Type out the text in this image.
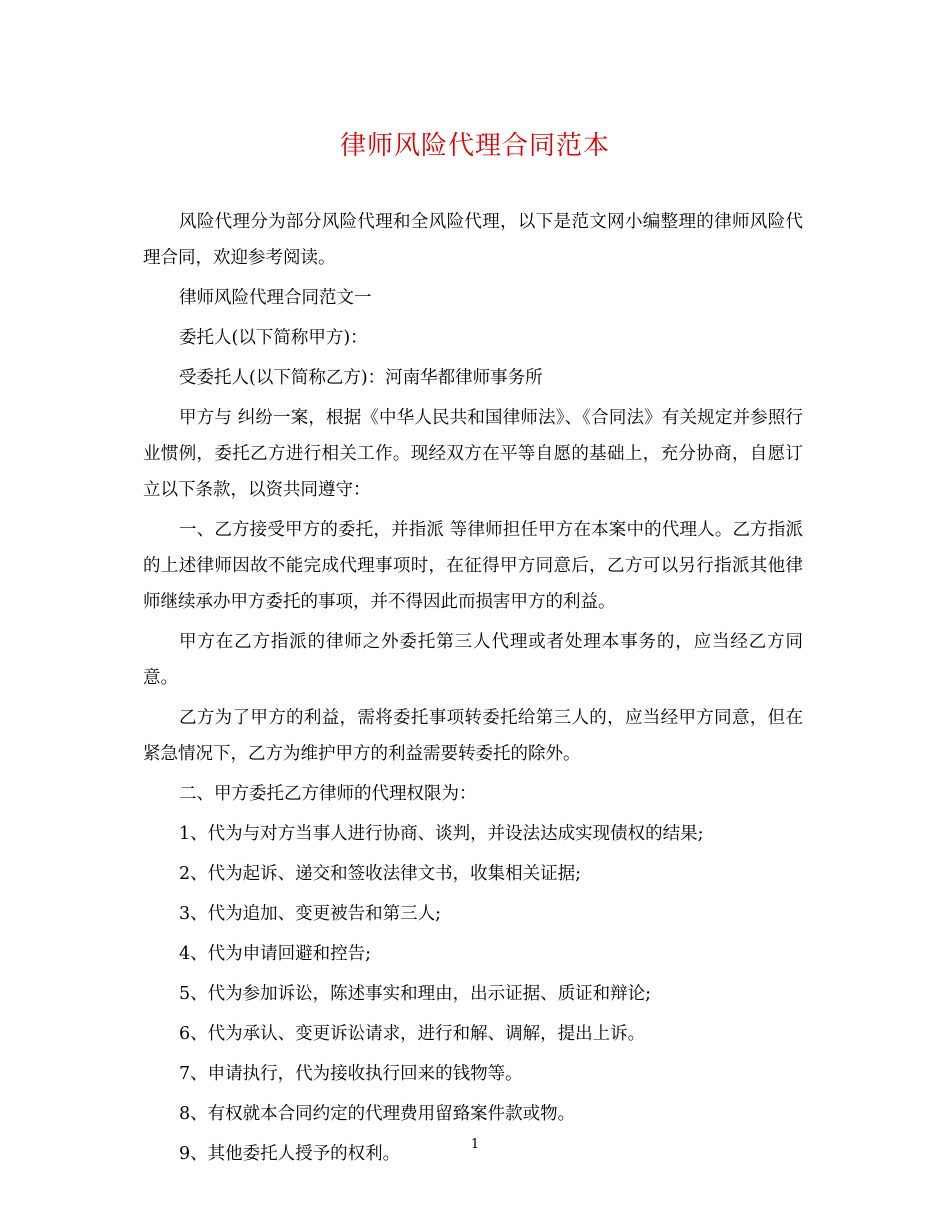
律师风险代理合同范本

风险代理分为部分风险代理和全风险代理，以下是范文网小编整理的律师风险代理合同，欢迎参考阅读。

律师风险代理合同范文一

委托人(以下简称甲方)：

受委托人(以下简称乙方)：河南华都律师事务所

甲方与 纠纷一案，根据《中华人民共和国律师法》、《合同法》有关规定并参照行业惯例，委托乙方进行相关工作。现经双方在平等自愿的基础上，充分协商，自愿订立以下条款，以资共同遵守：

一、乙方接受甲方的委托，并指派 等律师担任甲方在本案中的代理人。乙方指派的上述律师因故不能完成代理事项时，在征得甲方同意后，乙方可以另行指派其他律师继续承办甲方委托的事项，并不得因此而损害甲方的利益。

甲方在乙方指派的律师之外委托第三人代理或者处理本事务的，应当经乙方同意。

乙方为了甲方的利益，需将委托事项转委托给第三人的，应当经甲方同意，但在紧急情况下，乙方为维护甲方的利益需要转委托的除外。

二、甲方委托乙方律师的代理权限为：

1、代为与对方当事人进行协商、谈判，并设法达成实现债权的结果;

2、代为起诉、递交和签收法律文书，收集相关证据;

3、代为追加、变更被告和第三人;

4、代为申请回避和控告;

5、代为参加诉讼，陈述事实和理由，出示证据、质证和辩论;

6、代为承认、变更诉讼请求，进行和解、调解，提出上诉。

7、申请执行，代为接收执行回来的钱物等。

8、有权就本合同约定的代理费用留臵案件款或物。

9、其他委托人授予的权利。	1
